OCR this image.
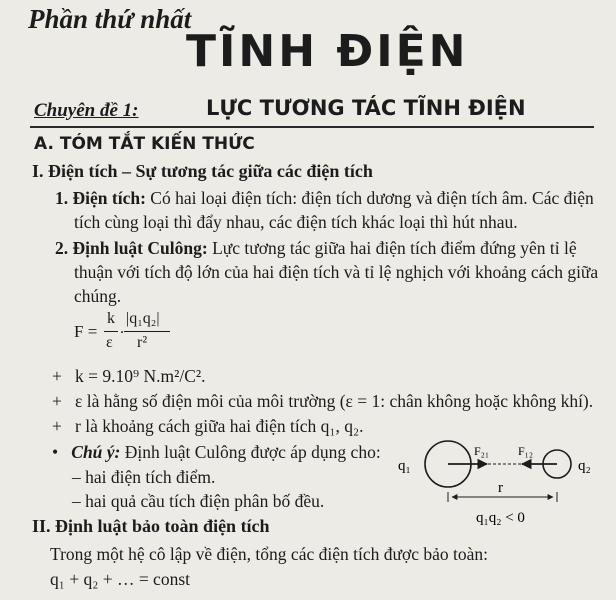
Phần thứ nhất
TĨNH ĐIỆN
Chuyên đề 1:	LỰC TƯƠNG TÁC TĨNH ĐIỆN
A. TÓM TẮT KIẾN THỨC
I. Điện tích – Sự tương tác giữa các điện tích
1. Điện tích: Có hai loại điện tích: điện tích dương và điện tích âm. Các điện
tích cùng loại thì đẩy nhau, các điện tích khác loại thì hút nhau.
2. Định luật Culông: Lực tương tác giữa hai điện tích điểm đứng yên tỉ lệ
thuận với tích độ lớn của hai điện tích và tỉ lệ nghịch với khoảng cách giữa
chúng.
F =
k
ε
.
|q₁q₂|
r²
+ k = 9.10⁹ N.m²/C².
+ ε là hằng số điện môi của môi trường (ε = 1: chân không hoặc không khí).
+ r là khoảng cách giữa hai điện tích q₁, q₂.
• Chú ý: Định luật Culông được áp dụng cho:
– hai điện tích điểm.
– hai quả cầu tích điện phân bố đều.
q₁	q₂
F₂₁ F₁₂
r
q₁q₂ < 0
II. Định luật bảo toàn điện tích
Trong một hệ cô lập về điện, tổng các điện tích được bảo toàn:
q₁ + q₂ + … = const
